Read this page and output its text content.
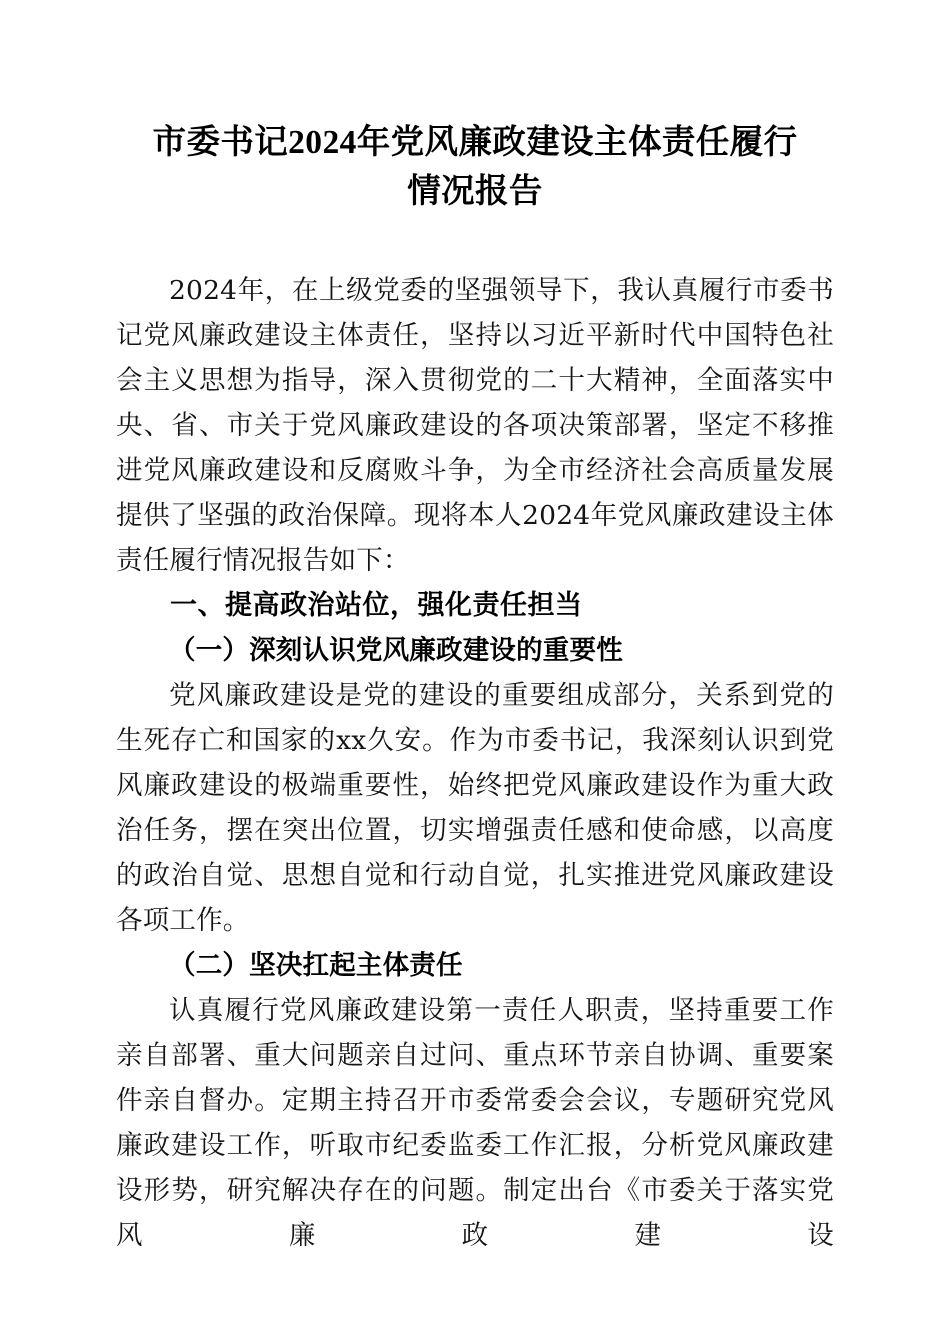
市委书记2024年党风廉政建设主体责任履行
情况报告

2024年，在上级党委的坚强领导下，我认真履行市委书记党风廉政建设主体责任，坚持以习近平新时代中国特色社会主义思想为指导，深入贯彻党的二十大精神，全面落实中央、省、市关于党风廉政建设的各项决策部署，坚定不移推进党风廉政建设和反腐败斗争，为全市经济社会高质量发展提供了坚强的政治保障。现将本人2024年党风廉政建设主体责任履行情况报告如下：

一、提高政治站位，强化责任担当
（一）深刻认识党风廉政建设的重要性

党风廉政建设是党的建设的重要组成部分，关系到党的生死存亡和国家的xx久安。作为市委书记，我深刻认识到党风廉政建设的极端重要性，始终把党风廉政建设作为重大政治任务，摆在突出位置，切实增强责任感和使命感，以高度的政治自觉、思想自觉和行动自觉，扎实推进党风廉政建设各项工作。

（二）坚决扛起主体责任

认真履行党风廉政建设第一责任人职责，坚持重要工作亲自部署、重大问题亲自过问、重点环节亲自协调、重要案件亲自督办。定期主持召开市委常委会会议，专题研究党风廉政建设工作，听取市纪委监委工作汇报，分析党风廉政建设形势，研究解决存在的问题。制定出台《市委关于落实党风廉政建设
